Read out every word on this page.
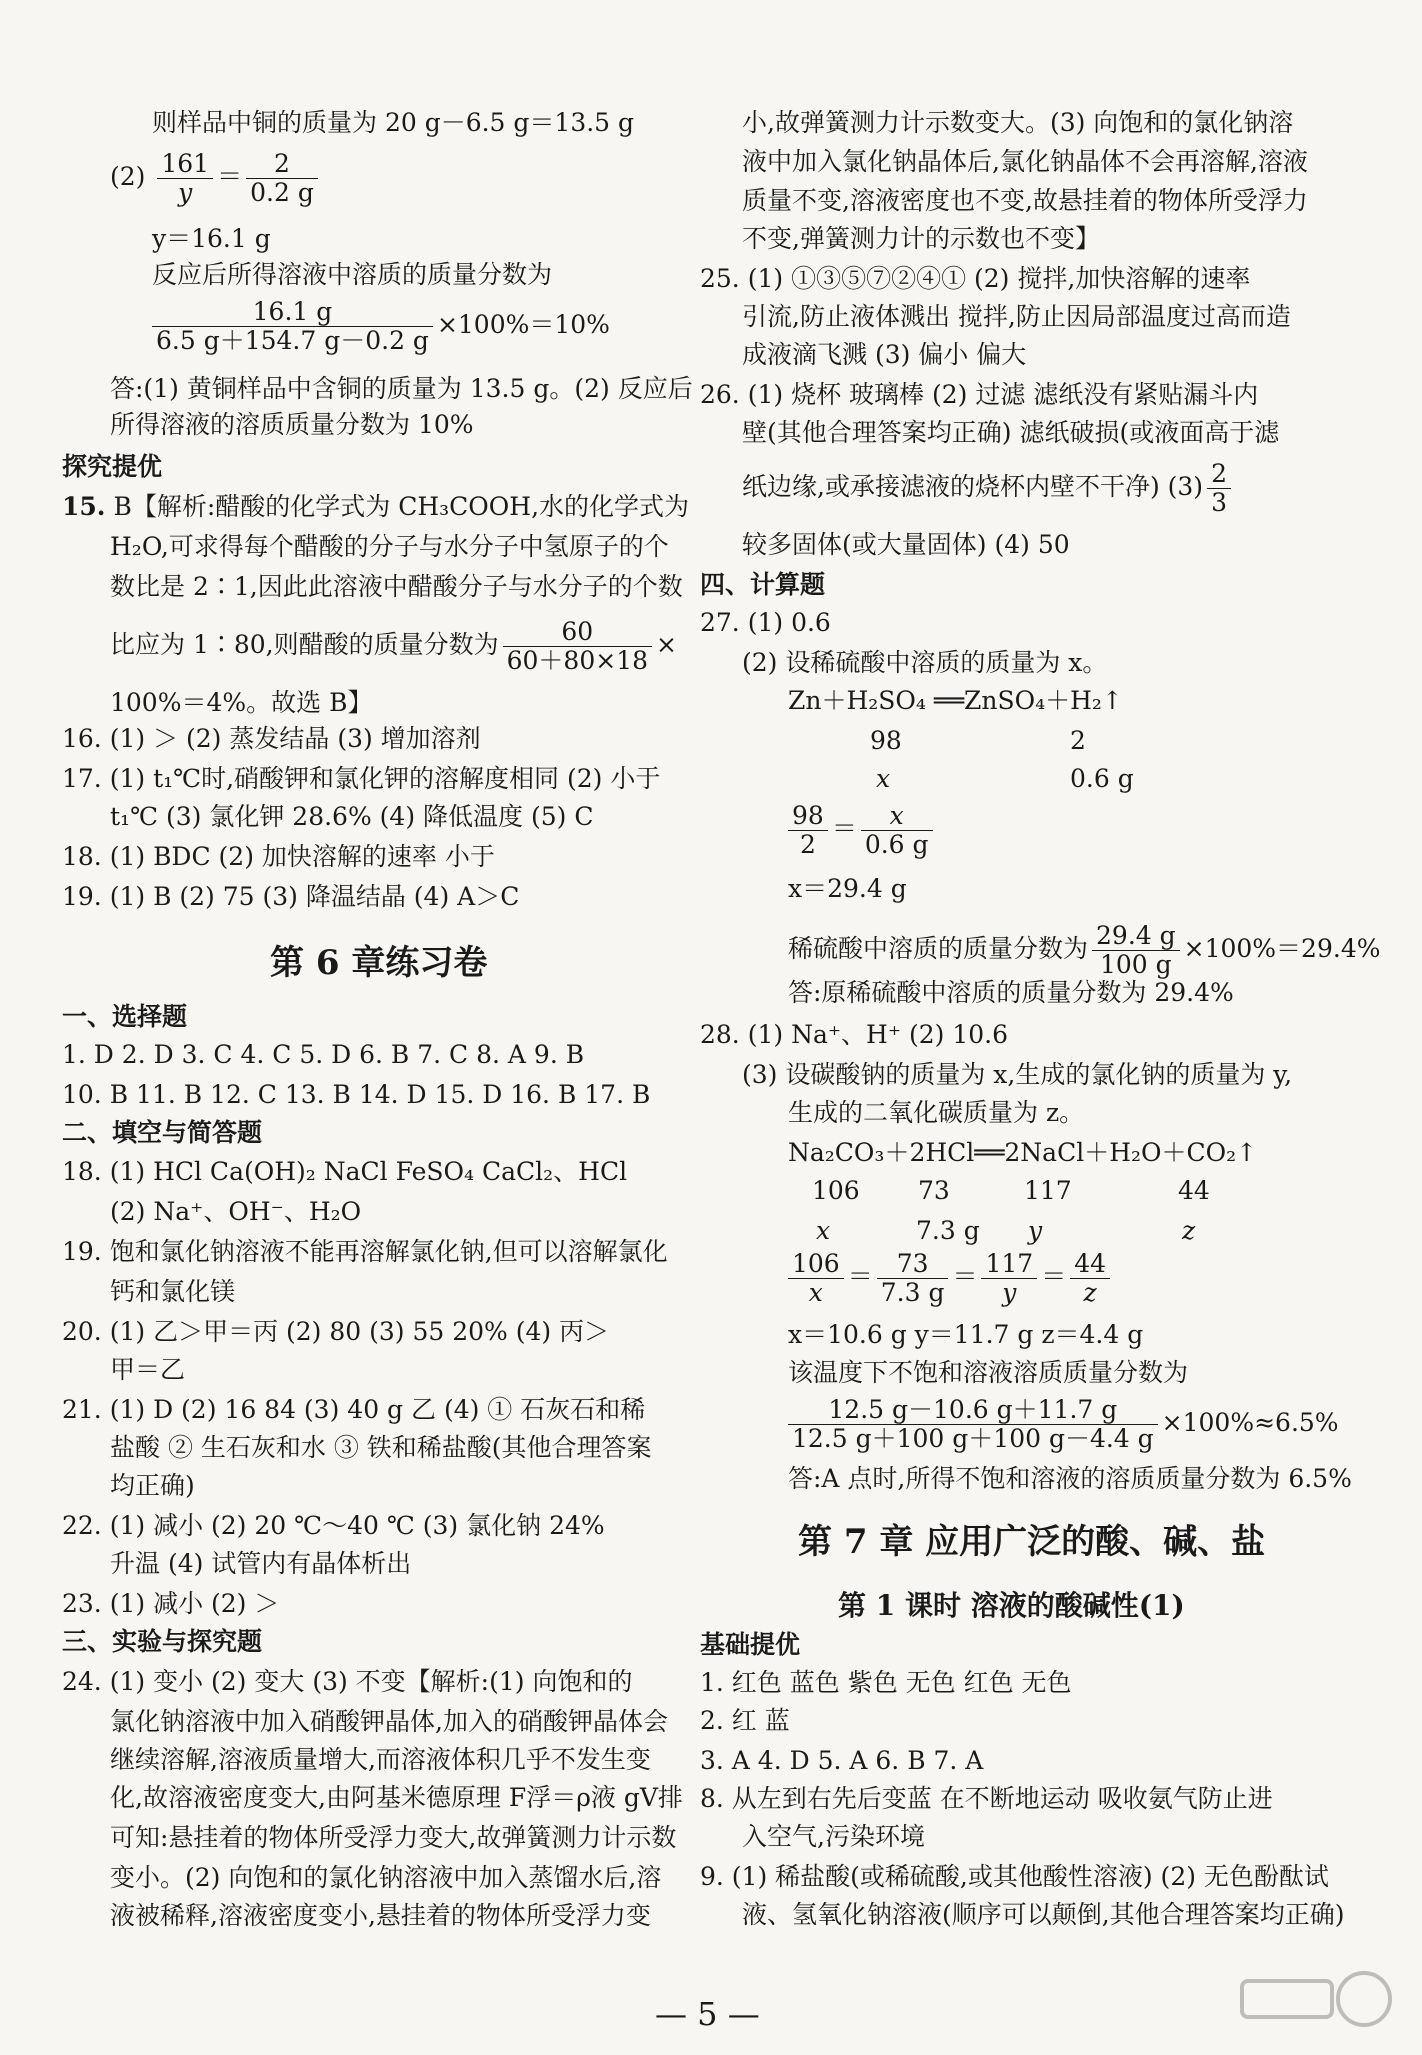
则样品中铜的质量为 20 g－6.5 g＝13.5 g
$(2) \frac{161}{y} = \frac{2}{0.2 g}$
y＝16.1 g
反应后所得溶液中溶质的质量分数为
$\frac{16.1 g}{6.5 g+154.7 g-0.2 g} \times 100\%=10\%$
答:(1) 黄铜样品中含铜的质量为 13.5 g。(2) 反应后
所得溶液的溶质质量分数为 10%
探究提优
15. B【解析:醋酸的化学式为 CH₃COOH,水的化学式为
H₂O,可求得每个醋酸的分子与水分子中氢原子的个
数比是 2∶1,因此此溶液中醋酸分子与水分子的个数
比应为 1∶80,则醋酸的质量分数为 $\frac{60}{60+80\times 18}$ ×
100%＝4%。故选 B】
16. (1) ＞ (2) 蒸发结晶 (3) 增加溶剂
17. (1) t₁℃时,硝酸钾和氯化钾的溶解度相同 (2) 小于
t₁℃ (3) 氯化钾 28.6% (4) 降低温度 (5) C
18. (1) BDC (2) 加快溶解的速率 小于
19. (1) B (2) 75 (3) 降温结晶 (4) A＞C
第 6 章练习卷
一、选择题
1. D 2. D 3. C 4. C 5. D 6. B 7. C 8. A 9. B
10. B 11. B 12. C 13. B 14. D 15. D 16. B 17. B
二、填空与简答题
18. (1) HCl Ca(OH)₂ NaCl FeSO₄ CaCl₂、HCl
(2) Na⁺、OH⁻、H₂O
19. 饱和氯化钠溶液不能再溶解氯化钠,但可以溶解氯化
钙和氯化镁
20. (1) 乙＞甲＝丙 (2) 80 (3) 55 20% (4) 丙＞
甲＝乙
21. (1) D (2) 16 84 (3) 40 g 乙 (4) ① 石灰石和稀
盐酸 ② 生石灰和水 ③ 铁和稀盐酸(其他合理答案
均正确)
22. (1) 减小 (2) 20 ℃～40 ℃ (3) 氯化钠 24%
升温 (4) 试管内有晶体析出
23. (1) 减小 (2) ＞
三、实验与探究题
24. (1) 变小 (2) 变大 (3) 不变【解析:(1) 向饱和的
氯化钠溶液中加入硝酸钾晶体,加入的硝酸钾晶体会
继续溶解,溶液质量增大,而溶液体积几乎不发生变
化,故溶液密度变大,由阿基米德原理 F浮＝ρ液 gV排
可知:悬挂着的物体所受浮力变大,故弹簧测力计示数
变小。(2) 向饱和的氯化钠溶液中加入蒸馏水后,溶
液被稀释,溶液密度变小,悬挂着的物体所受浮力变
小,故弹簧测力计示数变大。(3) 向饱和的氯化钠溶
液中加入氯化钠晶体后,氯化钠晶体不会再溶解,溶液
质量不变,溶液密度也不变,故悬挂着的物体所受浮力
不变,弹簧测力计的示数也不变】
25. (1) ①③⑤⑦②④① (2) 搅拌,加快溶解的速率
引流,防止液体溅出 搅拌,防止因局部温度过高而造
成液滴飞溅 (3) 偏小 偏大
26. (1) 烧杯 玻璃棒 (2) 过滤 滤纸没有紧贴漏斗内
壁(其他合理答案均正确) 滤纸破损(或液面高于滤
纸边缘,或承接滤液的烧杯内壁不干净) $(3) \frac{2}{3}$
较多固体(或大量固体) (4) 50
四、计算题
27. (1) 0.6
(2) 设稀硫酸中溶质的质量为 x。
Zn＋H₂SO₄ ══ZnSO₄＋H₂↑
98	2
x	0.6 g
$\frac{98}{2} = \frac{x}{0.6 g}$
x＝29.4 g
稀硫酸中溶质的质量分数为 $\frac{29.4 g}{100 g} \times 100\%=29.4\%$
答:原稀硫酸中溶质的质量分数为 29.4%
28. (1) Na⁺、H⁺ (2) 10.6
(3) 设碳酸钠的质量为 x,生成的氯化钠的质量为 y,
生成的二氧化碳质量为 z。
Na₂CO₃＋2HCl══2NaCl＋H₂O＋CO₂↑
106 73	117	44
x	7.3 g y	z
$\frac{106}{x} = \frac{73}{7.3 g} = \frac{117}{y} = \frac{44}{z}$
x＝10.6 g y＝11.7 g z＝4.4 g
该温度下不饱和溶液溶质质量分数为
$\frac{12.5 g-10.6 g+11.7 g}{12.5 g+100 g+100 g-4.4 g} \times 100\%\approx 6.5\%$
答:A 点时,所得不饱和溶液的溶质质量分数为 6.5%
第 7 章 应用广泛的酸、碱、盐
第 1 课时 溶液的酸碱性(1)
基础提优
1. 红色 蓝色 紫色 无色 红色 无色
2. 红 蓝
3. A 4. D 5. A 6. B 7. A
8. 从左到右先后变蓝 在不断地运动 吸收氨气防止进
入空气,污染环境
9. (1) 稀盐酸(或稀硫酸,或其他酸性溶液) (2) 无色酚酞试
液、氢氧化钠溶液(顺序可以颠倒,其他合理答案均正确)
— 5 —
